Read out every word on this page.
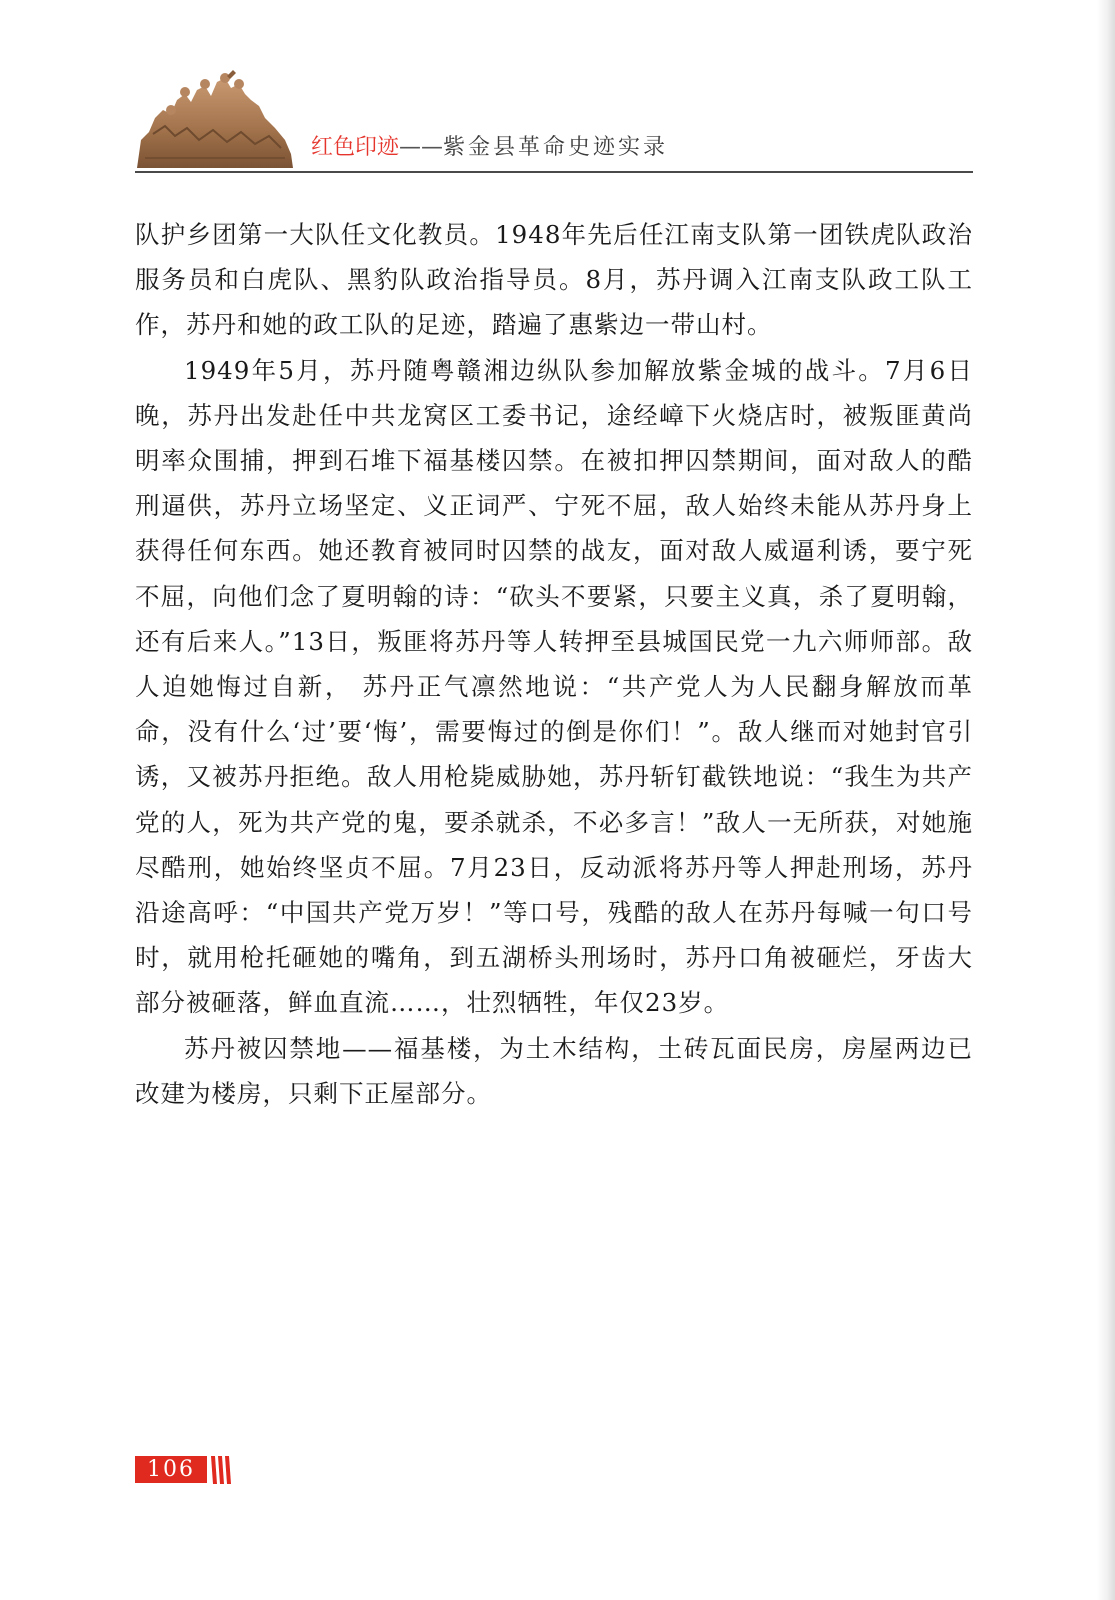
红色印迹——紫金县革命史迹实录

队护乡团第一大队任文化教员。1948年先后任江南支队第一团铁虎队政治服务员和白虎队、黑豹队政治指导员。8月，苏丹调入江南支队政工队工作，苏丹和她的政工队的足迹，踏遍了惠紫边一带山村。

1949年5月，苏丹随粤赣湘边纵队参加解放紫金城的战斗。7月6日晚，苏丹出发赴任中共龙窝区工委书记，途经嶂下火烧店时，被叛匪黄尚明率众围捕，押到石堆下福基楼囚禁。在被扣押囚禁期间，面对敌人的酷刑逼供，苏丹立场坚定、义正词严、宁死不屈，敌人始终未能从苏丹身上获得任何东西。她还教育被同时囚禁的战友，面对敌人威逼利诱，要宁死不屈，向他们念了夏明翰的诗：“砍头不要紧，只要主义真，杀了夏明翰，还有后来人。”13日，叛匪将苏丹等人转押至县城国民党一九六师师部。敌人迫她悔过自新， 苏丹正气凛然地说：“共产党人为人民翻身解放而革命，没有什么‘过’要‘悔’，需要悔过的倒是你们！”。敌人继而对她封官引诱，又被苏丹拒绝。敌人用枪毙威胁她，苏丹斩钉截铁地说：“我生为共产党的人，死为共产党的鬼，要杀就杀，不必多言！”敌人一无所获，对她施尽酷刑，她始终坚贞不屈。7月23日，反动派将苏丹等人押赴刑场，苏丹沿途高呼：“中国共产党万岁！”等口号，残酷的敌人在苏丹每喊一句口号时，就用枪托砸她的嘴角，到五湖桥头刑场时，苏丹口角被砸烂，牙齿大部分被砸落，鲜血直流……，壮烈牺牲，年仅23岁。

苏丹被囚禁地——福基楼，为土木结构，土砖瓦面民房，房屋两边已改建为楼房，只剩下正屋部分。

106
